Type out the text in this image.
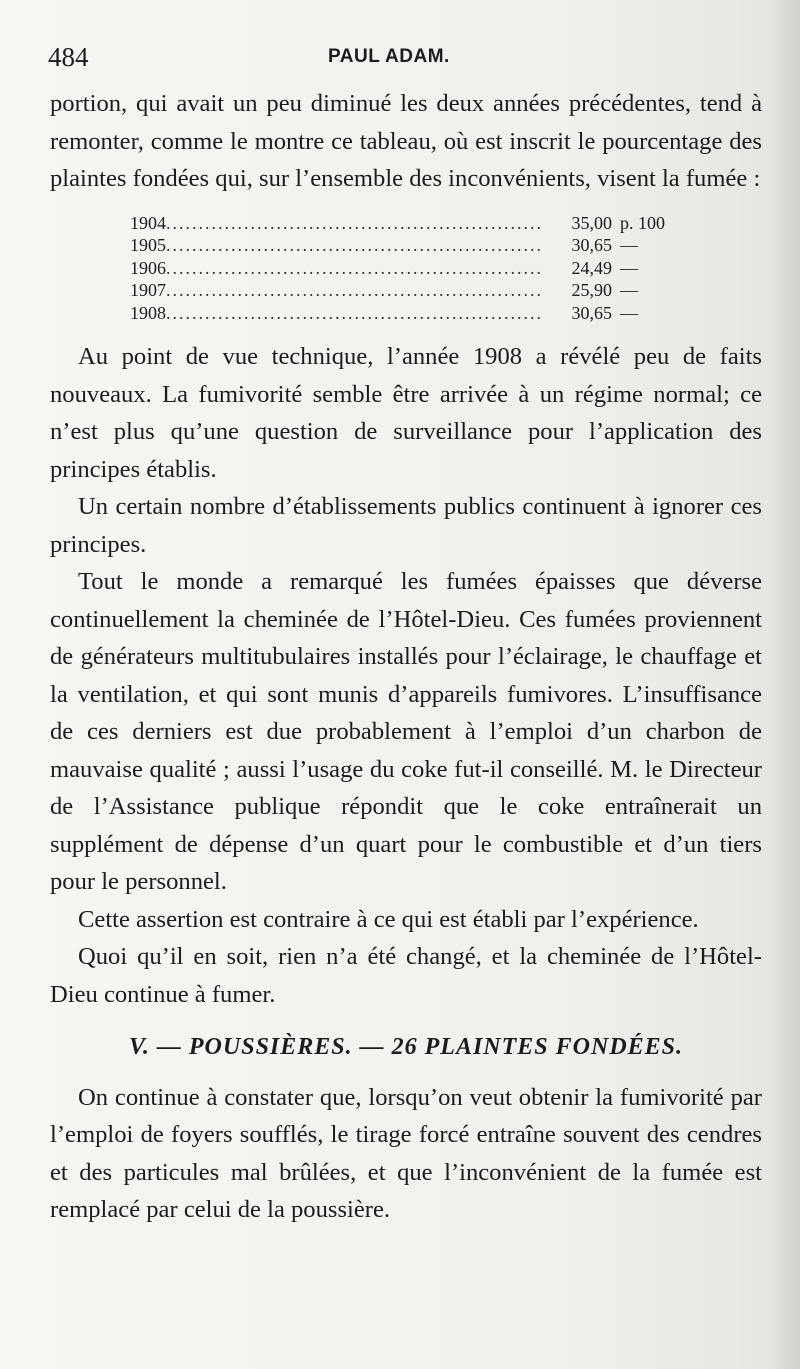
484	PAUL ADAM.

portion, qui avait un peu diminué les deux années précédentes, tend à remonter, comme le montre ce tableau, où est inscrit le pourcentage des plaintes fondées qui, sur l’ensemble des inconvénients, visent la fumée :

1904 .....	35,00 p. 100
1905 .....	30,65 —
1906 .....	24,49 —
1907 .....	25,90 —
1908 .....	30,65 —

Au point de vue technique, l’année 1908 a révélé peu de faits nouveaux. La fumivorité semble être arrivée à un régime normal; ce n’est plus qu’une question de surveillance pour l’application des principes établis.

Un certain nombre d’établissements publics continuent à ignorer ces principes.

Tout le monde a remarqué les fumées épaisses que déverse continuellement la cheminée de l’Hôtel-Dieu. Ces fumées proviennent de générateurs multitubulaires installés pour l’éclairage, le chauffage et la ventilation, et qui sont munis d’appareils fumivores. L’insuffisance de ces derniers est due probablement à l’emploi d’un charbon de mauvaise qualité ; aussi l’usage du coke fut-il conseillé. M. le Directeur de l’Assistance publique répondit que le coke entraînerait un supplément de dépense d’un quart pour le combustible et d’un tiers pour le personnel.

Cette assertion est contraire à ce qui est établi par l’expérience.

Quoi qu’il en soit, rien n’a été changé, et la cheminée de l’Hôtel-Dieu continue à fumer.

V. — POUSSIÈRES. — 26 PLAINTES FONDÉES.

On continue à constater que, lorsqu’on veut obtenir la fumivorité par l’emploi de foyers soufflés, le tirage forcé entraîne souvent des cendres et des particules mal brûlées, et que l’inconvénient de la fumée est remplacé par celui de la poussière.
